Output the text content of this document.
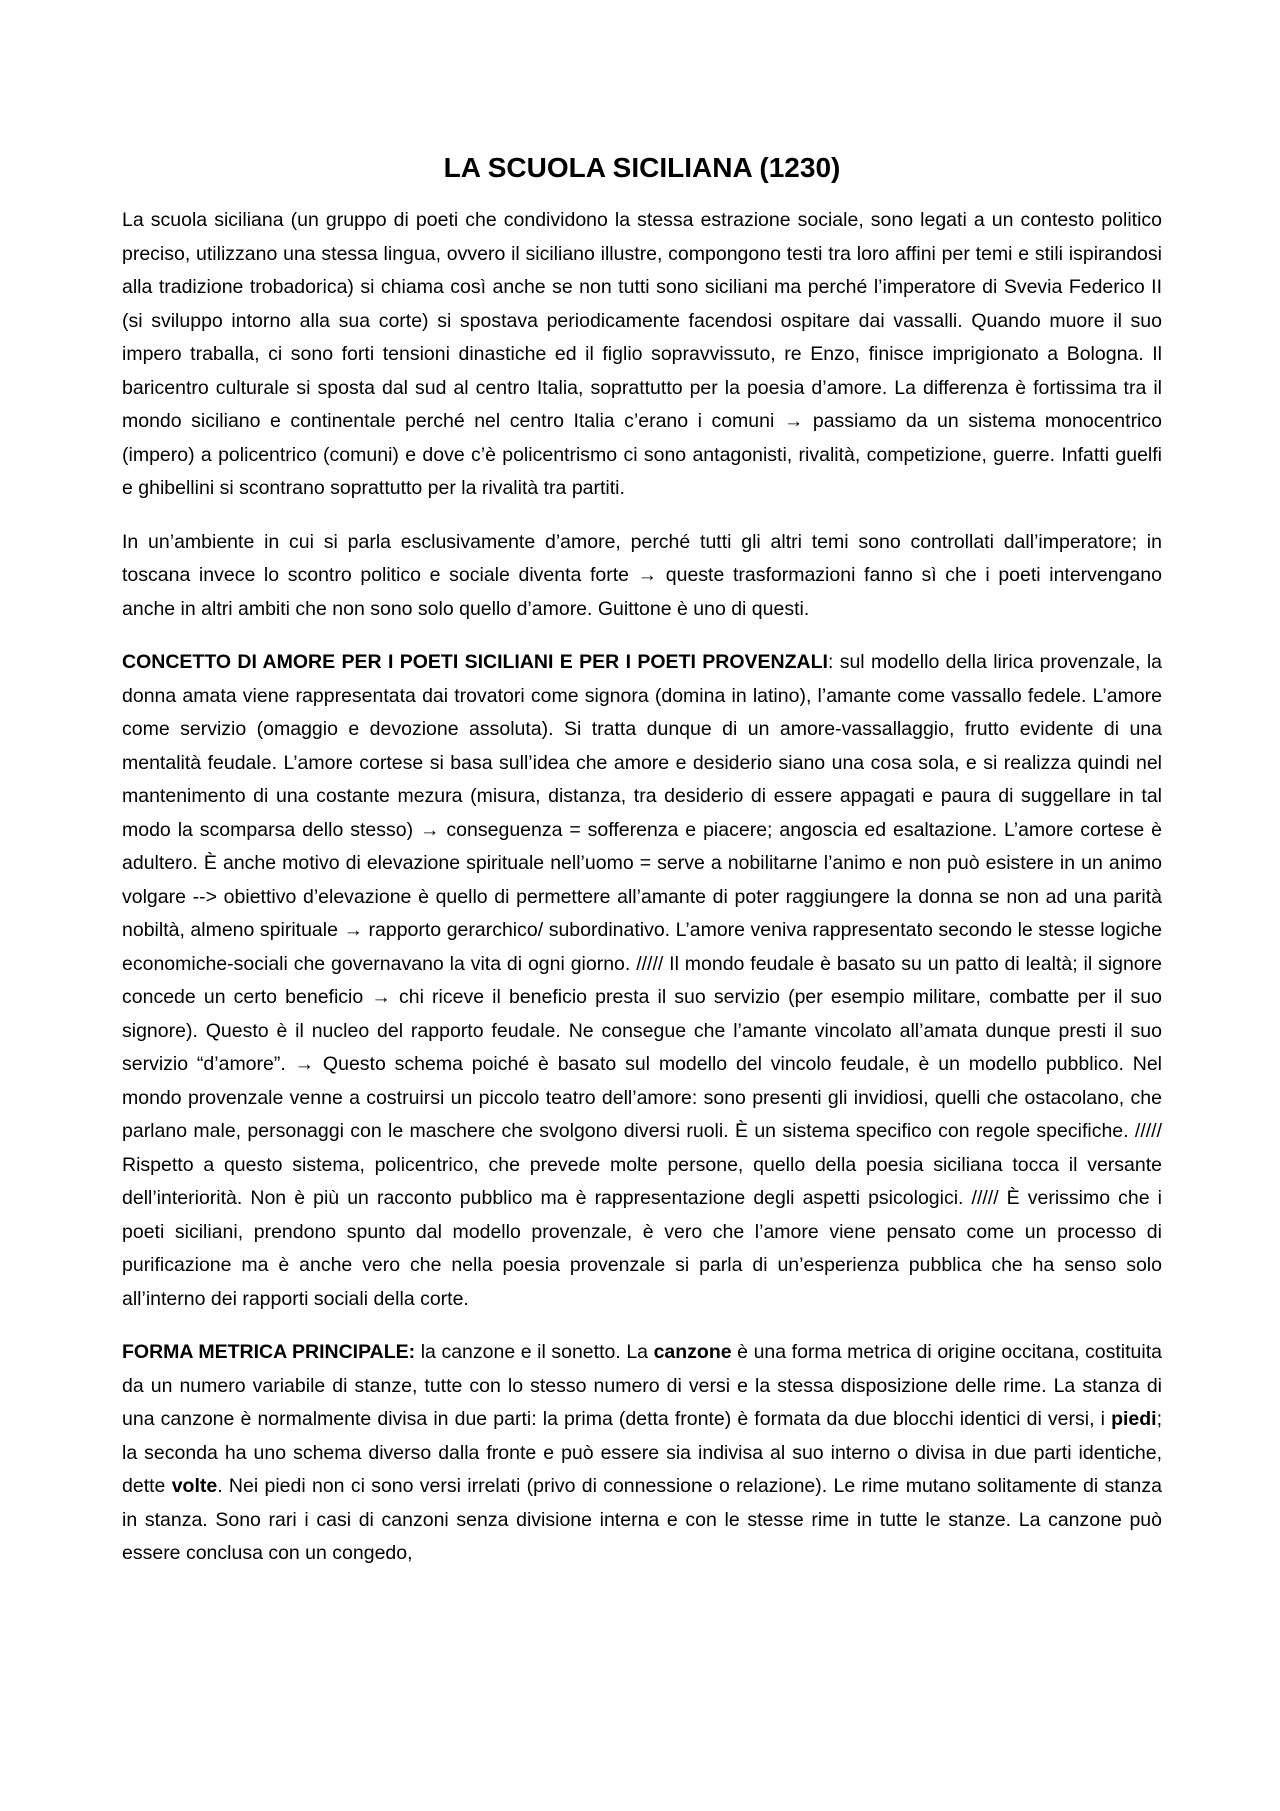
LA SCUOLA SICILIANA (1230)

La scuola siciliana (un gruppo di poeti che condividono la stessa estrazione sociale, sono legati a un contesto politico preciso, utilizzano una stessa lingua, ovvero il siciliano illustre, compongono testi tra loro affini per temi e stili ispirandosi alla tradizione trobadorica) si chiama così anche se non tutti sono siciliani ma perché l’imperatore di Svevia Federico II (si sviluppo intorno alla sua corte) si spostava periodicamente facendosi ospitare dai vassalli. Quando muore il suo impero traballa, ci sono forti tensioni dinastiche ed il figlio sopravvissuto, re Enzo, finisce imprigionato a Bologna. Il baricentro culturale si sposta dal sud al centro Italia, soprattutto per la poesia d’amore. La differenza è fortissima tra il mondo siciliano e continentale perché nel centro Italia c’erano i comuni → passiamo da un sistema monocentrico (impero) a policentrico (comuni) e dove c’è policentrismo ci sono antagonisti, rivalità, competizione, guerre. Infatti guelfi e ghibellini si scontrano soprattutto per la rivalità tra partiti.

In un’ambiente in cui si parla esclusivamente d’amore, perché tutti gli altri temi sono controllati dall’imperatore; in toscana invece lo scontro politico e sociale diventa forte → queste trasformazioni fanno sì che i poeti intervengano anche in altri ambiti che non sono solo quello d’amore. Guittone è uno di questi.

CONCETTO DI AMORE PER I POETI SICILIANI E PER I POETI PROVENZALI: sul modello della lirica provenzale, la donna amata viene rappresentata dai trovatori come signora (domina in latino), l’amante come vassallo fedele. L’amore come servizio (omaggio e devozione assoluta). Si tratta dunque di un amore-vassallaggio, frutto evidente di una mentalità feudale. L’amore cortese si basa sull’idea che amore e desiderio siano una cosa sola, e si realizza quindi nel mantenimento di una costante mezura (misura, distanza, tra desiderio di essere appagati e paura di suggellare in tal modo la scomparsa dello stesso) → conseguenza = sofferenza e piacere; angoscia ed esaltazione. L’amore cortese è adultero. È anche motivo di elevazione spirituale nell’uomo = serve a nobilitarne l’animo e non può esistere in un animo volgare --> obiettivo d’elevazione è quello di permettere all’amante di poter raggiungere la donna se non ad una parità nobiltà, almeno spirituale → rapporto gerarchico/ subordinativo. L’amore veniva rappresentato secondo le stesse logiche economiche-sociali che governavano la vita di ogni giorno. ///// Il mondo feudale è basato su un patto di lealtà; il signore concede un certo beneficio → chi riceve il beneficio presta il suo servizio (per esempio militare, combatte per il suo signore). Questo è il nucleo del rapporto feudale. Ne consegue che l’amante vincolato all’amata dunque presti il suo servizio “d’amore”. → Questo schema poiché è basato sul modello del vincolo feudale, è un modello pubblico. Nel mondo provenzale venne a costruirsi un piccolo teatro dell’amore: sono presenti gli invidiosi, quelli che ostacolano, che parlano male, personaggi con le maschere che svolgono diversi ruoli. È un sistema specifico con regole specifiche. ///// Rispetto a questo sistema, policentrico, che prevede molte persone, quello della poesia siciliana tocca il versante dell’interiorità. Non è più un racconto pubblico ma è rappresentazione degli aspetti psicologici. ///// È verissimo che i poeti siciliani, prendono spunto dal modello provenzale, è vero che l’amore viene pensato come un processo di purificazione ma è anche vero che nella poesia provenzale si parla di un’esperienza pubblica che ha senso solo all’interno dei rapporti sociali della corte.

FORMA METRICA PRINCIPALE: la canzone e il sonetto. La canzone è una forma metrica di origine occitana, costituita da un numero variabile di stanze, tutte con lo stesso numero di versi e la stessa disposizione delle rime. La stanza di una canzone è normalmente divisa in due parti: la prima (detta fronte) è formata da due blocchi identici di versi, i piedi; la seconda ha uno schema diverso dalla fronte e può essere sia indivisa al suo interno o divisa in due parti identiche, dette volte. Nei piedi non ci sono versi irrelati (privo di connessione o relazione). Le rime mutano solitamente di stanza in stanza. Sono rari i casi di canzoni senza divisione interna e con le stesse rime in tutte le stanze. La canzone può essere conclusa con un congedo,
